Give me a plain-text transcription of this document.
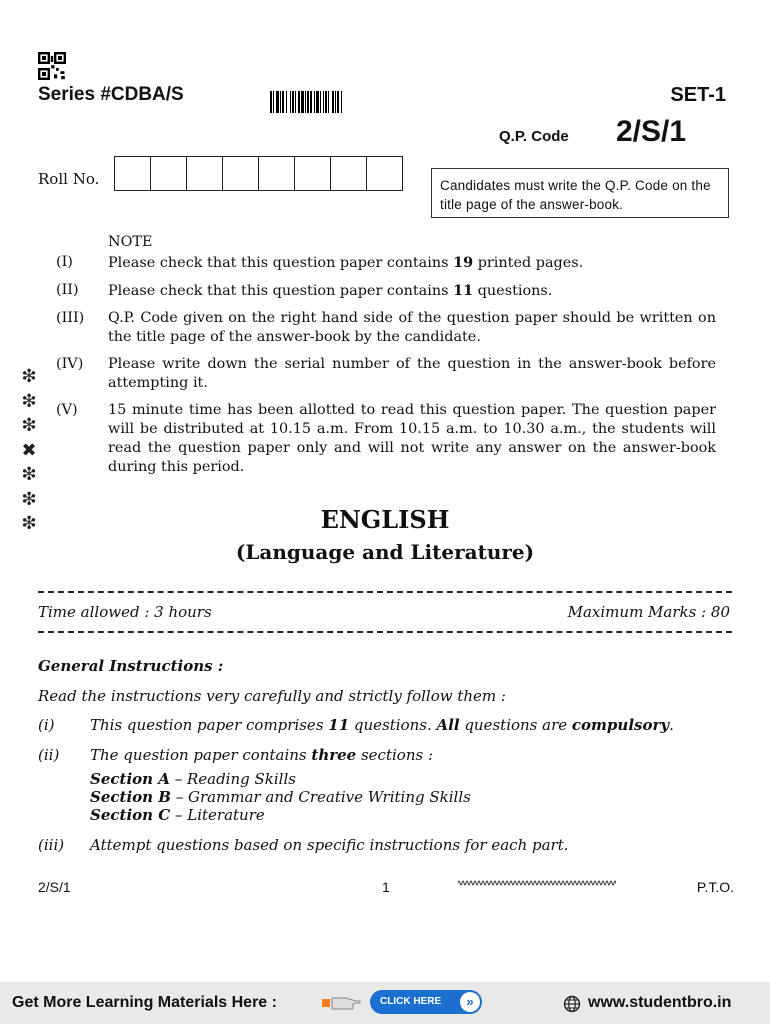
Series #CDBA/S	SET-1
Q.P. Code 2/S/1
Roll No.	Candidates must write the Q.P. Code on the title page of the answer-book.
NOTE
(I)	Please check that this question paper contains 19 printed pages.
(II)	Please check that this question paper contains 11 questions.
(III)	Q.P. Code given on the right hand side of the question paper should be written on the title page of the answer-book by the candidate.
(IV)	Please write down the serial number of the question in the answer-book before attempting it.
(V)	15 minute time has been allotted to read this question paper. The question paper will be distributed at 10.15 a.m. From 10.15 a.m. to 10.30 a.m., the students will read the question paper only and will not write any answer on the answer-book during this period.
❇
❇
❇
✖
❇
❇
❇	ENGLISH
(Language and Literature)
Time allowed : 3 hours	Maximum Marks : 80
General Instructions :
Read the instructions very carefully and strictly follow them :
(i)	This question paper comprises 11 questions. All questions are compulsory.
(ii)	The question paper contains three sections :
Section A – Reading Skills
Section B – Grammar and Creative Writing Skills
Section C – Literature
(iii)	Attempt questions based on specific instructions for each part.
2/S/1	1	P.T.O.
Get More Learning Materials Here :	CLICK HERE	»	www.studentbro.in
